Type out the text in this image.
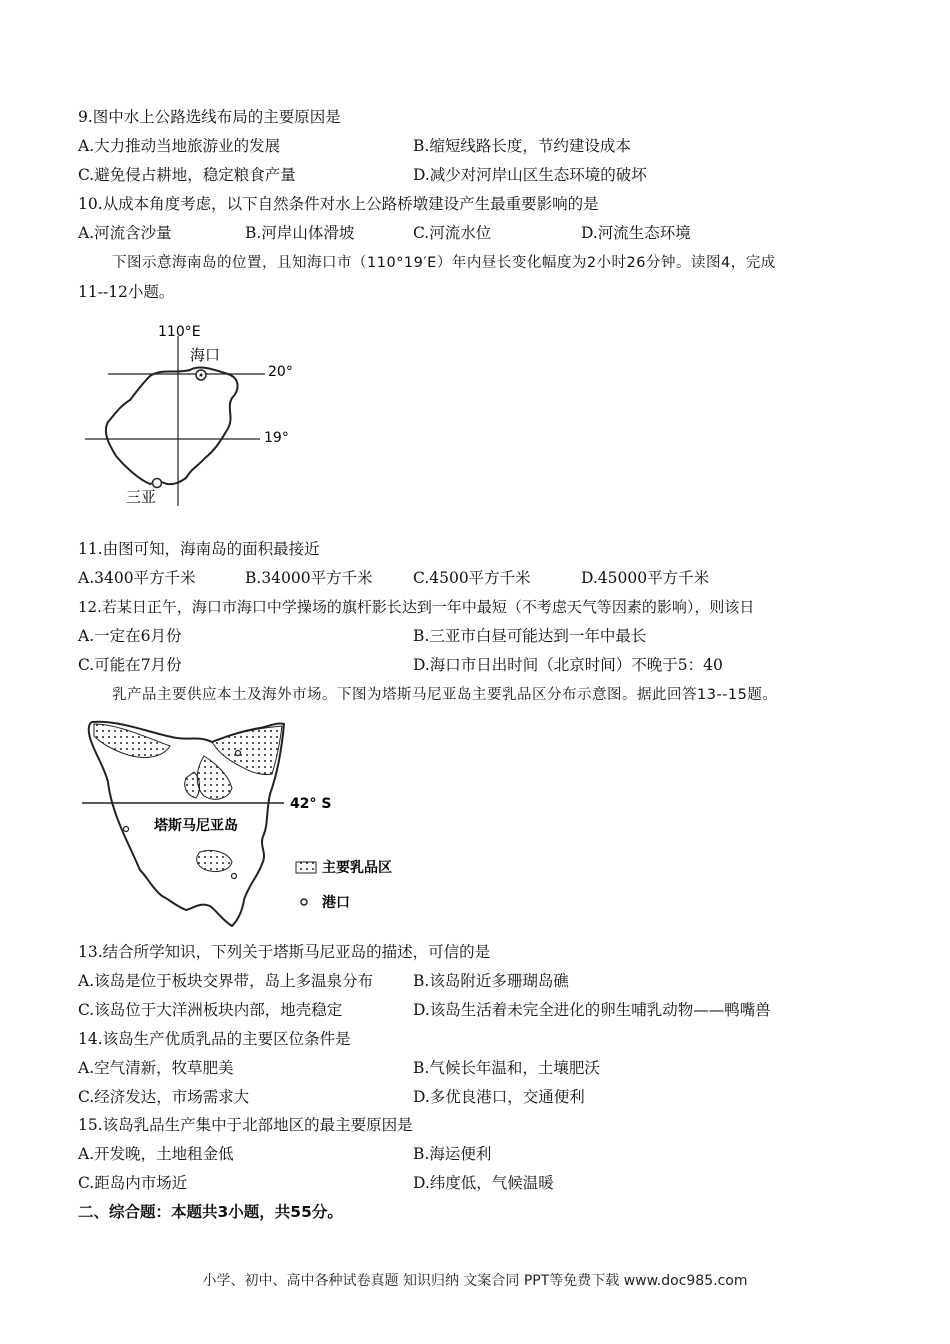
9.图中水上公路选线布局的主要原因是
A.大力推动当地旅游业的发展	B.缩短线路长度，节约建设成本
C.避免侵占耕地，稳定粮食产量	D.减少对河岸山区生态环境的破坏
10.从成本角度考虑，以下自然条件对水上公路桥墩建设产生最重要影响的是
A.河流含沙量	B.河岸山体滑坡	C.河流水位	D.河流生态环境
下图示意海南岛的位置，且知海口市（110°19′E）年内昼长变化幅度为2小时26分钟。读图4，完成
11--12小题。
110°E
海口
20°
19°
三亚
11.由图可知，海南岛的面积最接近
A.3400平方千米	B.34000平方千米	C.4500平方千米	D.45000平方千米
12.若某日正午，海口市海口中学操场的旗杆影长达到一年中最短（不考虑天气等因素的影响），则该日
A.一定在6月份	B.三亚市白昼可能达到一年中最长
C.可能在7月份	D.海口市日出时间（北京时间）不晚于5：40
乳产品主要供应本土及海外市场。下图为塔斯马尼亚岛主要乳品区分布示意图。据此回答13--15题。
42° S
塔斯马尼亚岛
主要乳品区
港口
13.结合所学知识，下列关于塔斯马尼亚岛的描述，可信的是
A.该岛是位于板块交界带，岛上多温泉分布	B.该岛附近多珊瑚岛礁
C.该岛位于大洋洲板块内部，地壳稳定	D.该岛生活着未完全进化的卵生哺乳动物——鸭嘴兽
14.该岛生产优质乳品的主要区位条件是
A.空气清新，牧草肥美	B.气候长年温和，土壤肥沃
C.经济发达，市场需求大	D.多优良港口，交通便利
15.该岛乳品生产集中于北部地区的最主要原因是
A.开发晚，土地租金低	B.海运便利
C.距岛内市场近	D.纬度低，气候温暖
二、综合题：本题共3小题，共55分。
小学、初中、高中各种试卷真题 知识归纳 文案合同 PPT等免费下载 www.doc985.com
